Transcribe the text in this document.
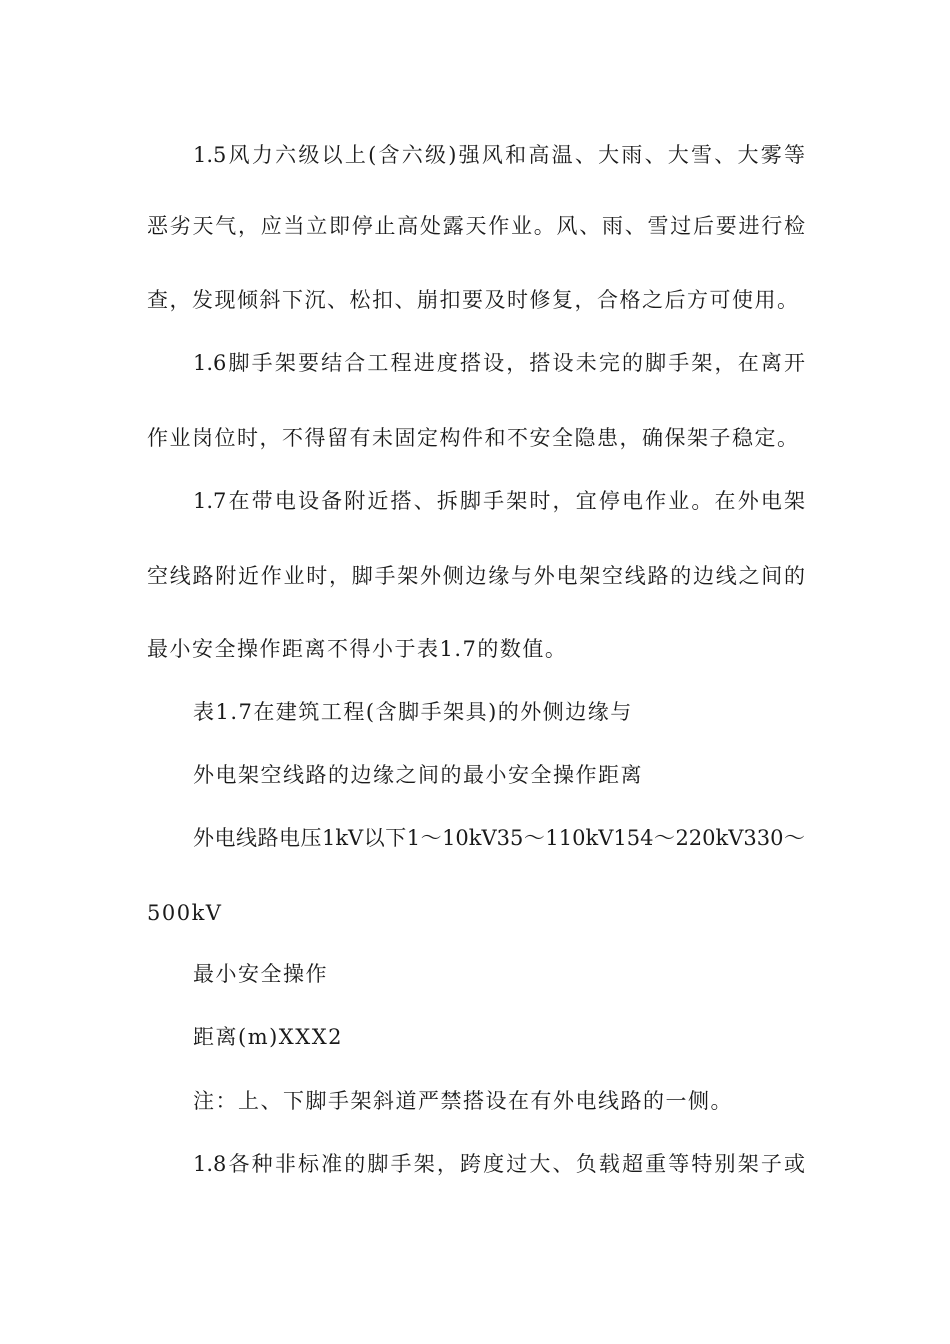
1.5风力六级以上(含六级)强风和高温、大雨、大雪、大雾等
恶劣天气，应当立即停止高处露天作业。风、雨、雪过后要进行检
查，发现倾斜下沉、松扣、崩扣要及时修复，合格之后方可使用。
1.6脚手架要结合工程进度搭设，搭设未完的脚手架，在离开
作业岗位时，不得留有未固定构件和不安全隐患，确保架子稳定。
1.7在带电设备附近搭、拆脚手架时，宜停电作业。在外电架
空线路附近作业时，脚手架外侧边缘与外电架空线路的边线之间的
最小安全操作距离不得小于表1.7的数值。
表1.7在建筑工程(含脚手架具)的外侧边缘与
外电架空线路的边缘之间的最小安全操作距离
外电线路电压1kV以下1～10kV35～110kV154～220kV330～
500kV
最小安全操作
距离(m)XXX2
注：上、下脚手架斜道严禁搭设在有外电线路的一侧。
1.8各种非标准的脚手架，跨度过大、负载超重等特别架子或
